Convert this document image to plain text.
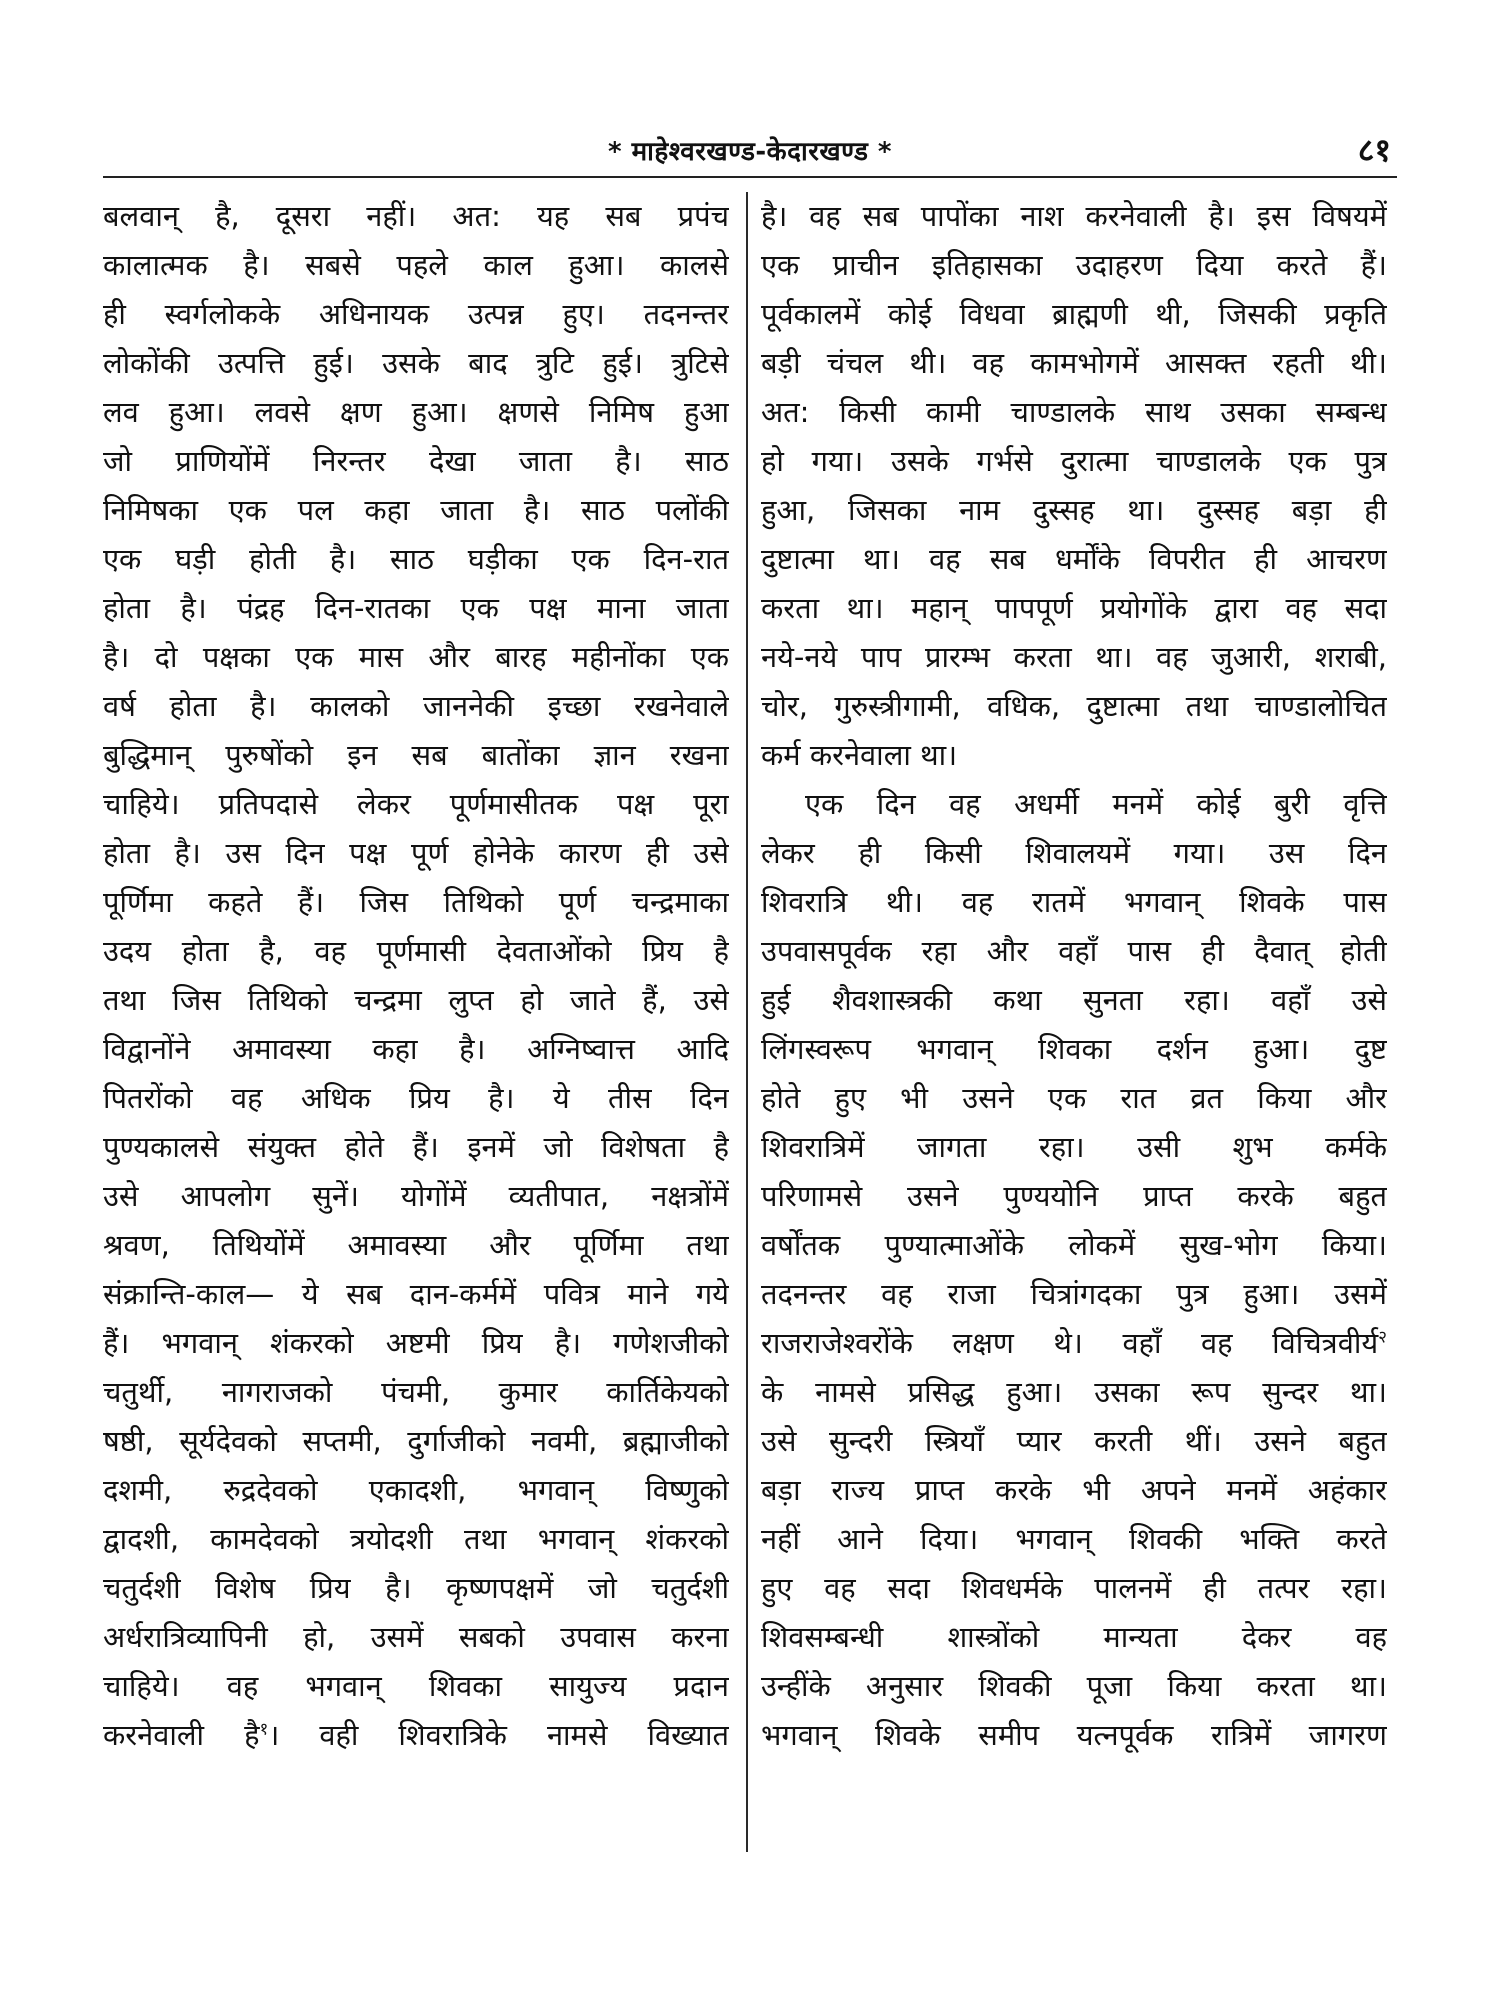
* माहेश्वरखण्ड-केदारखण्ड *	८१
बलवान् है, दूसरा नहीं। अत: यह सब प्रपंच
कालात्मक है। सबसे पहले काल हुआ। कालसे
ही स्वर्गलोकके अधिनायक उत्पन्न हुए। तदनन्तर
लोकोंकी उत्पत्ति हुई। उसके बाद त्रुटि हुई। त्रुटिसे
लव हुआ। लवसे क्षण हुआ। क्षणसे निमिष हुआ
जो प्राणियोंमें निरन्तर देखा जाता है। साठ
निमिषका एक पल कहा जाता है। साठ पलोंकी
एक घड़ी होती है। साठ घड़ीका एक दिन-रात
होता है। पंद्रह दिन-रातका एक पक्ष माना जाता
है। दो पक्षका एक मास और बारह महीनोंका एक
वर्ष होता है। कालको जाननेकी इच्छा रखनेवाले
बुद्धिमान् पुरुषोंको इन सब बातोंका ज्ञान रखना
चाहिये। प्रतिपदासे लेकर पूर्णमासीतक पक्ष पूरा
होता है। उस दिन पक्ष पूर्ण होनेके कारण ही उसे
पूर्णिमा कहते हैं। जिस तिथिको पूर्ण चन्द्रमाका
उदय होता है, वह पूर्णमासी देवताओंको प्रिय है
तथा जिस तिथिको चन्द्रमा लुप्त हो जाते हैं, उसे
विद्वानोंने अमावस्या कहा है। अग्निष्वात्त आदि
पितरोंको वह अधिक प्रिय है। ये तीस दिन
पुण्यकालसे संयुक्त होते हैं। इनमें जो विशेषता है
उसे आपलोग सुनें। योगोंमें व्यतीपात, नक्षत्रोंमें
श्रवण, तिथियोंमें अमावस्या और पूर्णिमा तथा
संक्रान्ति-काल— ये सब दान-कर्ममें पवित्र माने गये
हैं। भगवान् शंकरको अष्टमी प्रिय है। गणेशजीको
चतुर्थी, नागराजको पंचमी, कुमार कार्तिकेयको
षष्ठी, सूर्यदेवको सप्तमी, दुर्गाजीको नवमी, ब्रह्माजीको
दशमी, रुद्रदेवको एकादशी, भगवान् विष्णुको
द्वादशी, कामदेवको त्रयोदशी तथा भगवान् शंकरको
चतुर्दशी विशेष प्रिय है। कृष्णपक्षमें जो चतुर्दशी
अर्धरात्रिव्यापिनी हो, उसमें सबको उपवास करना
चाहिये। वह भगवान् शिवका सायुज्य प्रदान
करनेवाली है$^१$। वही शिवरात्रिके नामसे विख्यात
है। वह सब पापोंका नाश करनेवाली है। इस विषयमें
एक प्राचीन इतिहासका उदाहरण दिया करते हैं।
पूर्वकालमें कोई विधवा ब्राह्मणी थी, जिसकी प्रकृति
बड़ी चंचल थी। वह कामभोगमें आसक्त रहती थी।
अत: किसी कामी चाण्डालके साथ उसका सम्बन्ध
हो गया। उसके गर्भसे दुरात्मा चाण्डालके एक पुत्र
हुआ, जिसका नाम दुस्सह था। दुस्सह बड़ा ही
दुष्टात्मा था। वह सब धर्मोंके विपरीत ही आचरण
करता था। महान् पापपूर्ण प्रयोगोंके द्वारा वह सदा
नये-नये पाप प्रारम्भ करता था। वह जुआरी, शराबी,
चोर, गुरुस्त्रीगामी, वधिक, दुष्टात्मा तथा चाण्डालोचित
कर्म करनेवाला था।
एक दिन वह अधर्मी मनमें कोई बुरी वृत्ति
लेकर ही किसी शिवालयमें गया। उस दिन
शिवरात्रि थी। वह रातमें भगवान् शिवके पास
उपवासपूर्वक रहा और वहाँ पास ही दैवात् होती
हुई शैवशास्त्रकी कथा सुनता रहा। वहाँ उसे
लिंगस्वरूप भगवान् शिवका दर्शन हुआ। दुष्ट
होते हुए भी उसने एक रात व्रत किया और
शिवरात्रिमें जागता रहा। उसी शुभ कर्मके
परिणामसे उसने पुण्ययोनि प्राप्त करके बहुत
वर्षोंतक पुण्यात्माओंके लोकमें सुख-भोग किया।
तदनन्तर वह राजा चित्रांगदका पुत्र हुआ। उसमें
राजराजेश्वरोंके लक्षण थे। वहाँ वह विचित्रवीर्य$^२$
के नामसे प्रसिद्ध हुआ। उसका रूप सुन्दर था।
उसे सुन्दरी स्त्रियाँ प्यार करती थीं। उसने बहुत
बड़ा राज्य प्राप्त करके भी अपने मनमें अहंकार
नहीं आने दिया। भगवान् शिवकी भक्ति करते
हुए वह सदा शिवधर्मके पालनमें ही तत्पर रहा।
शिवसम्बन्धी शास्त्रोंको मान्यता देकर वह
उन्हींके अनुसार शिवकी पूजा किया करता था।
भगवान् शिवके समीप यत्नपूर्वक रात्रिमें जागरण
